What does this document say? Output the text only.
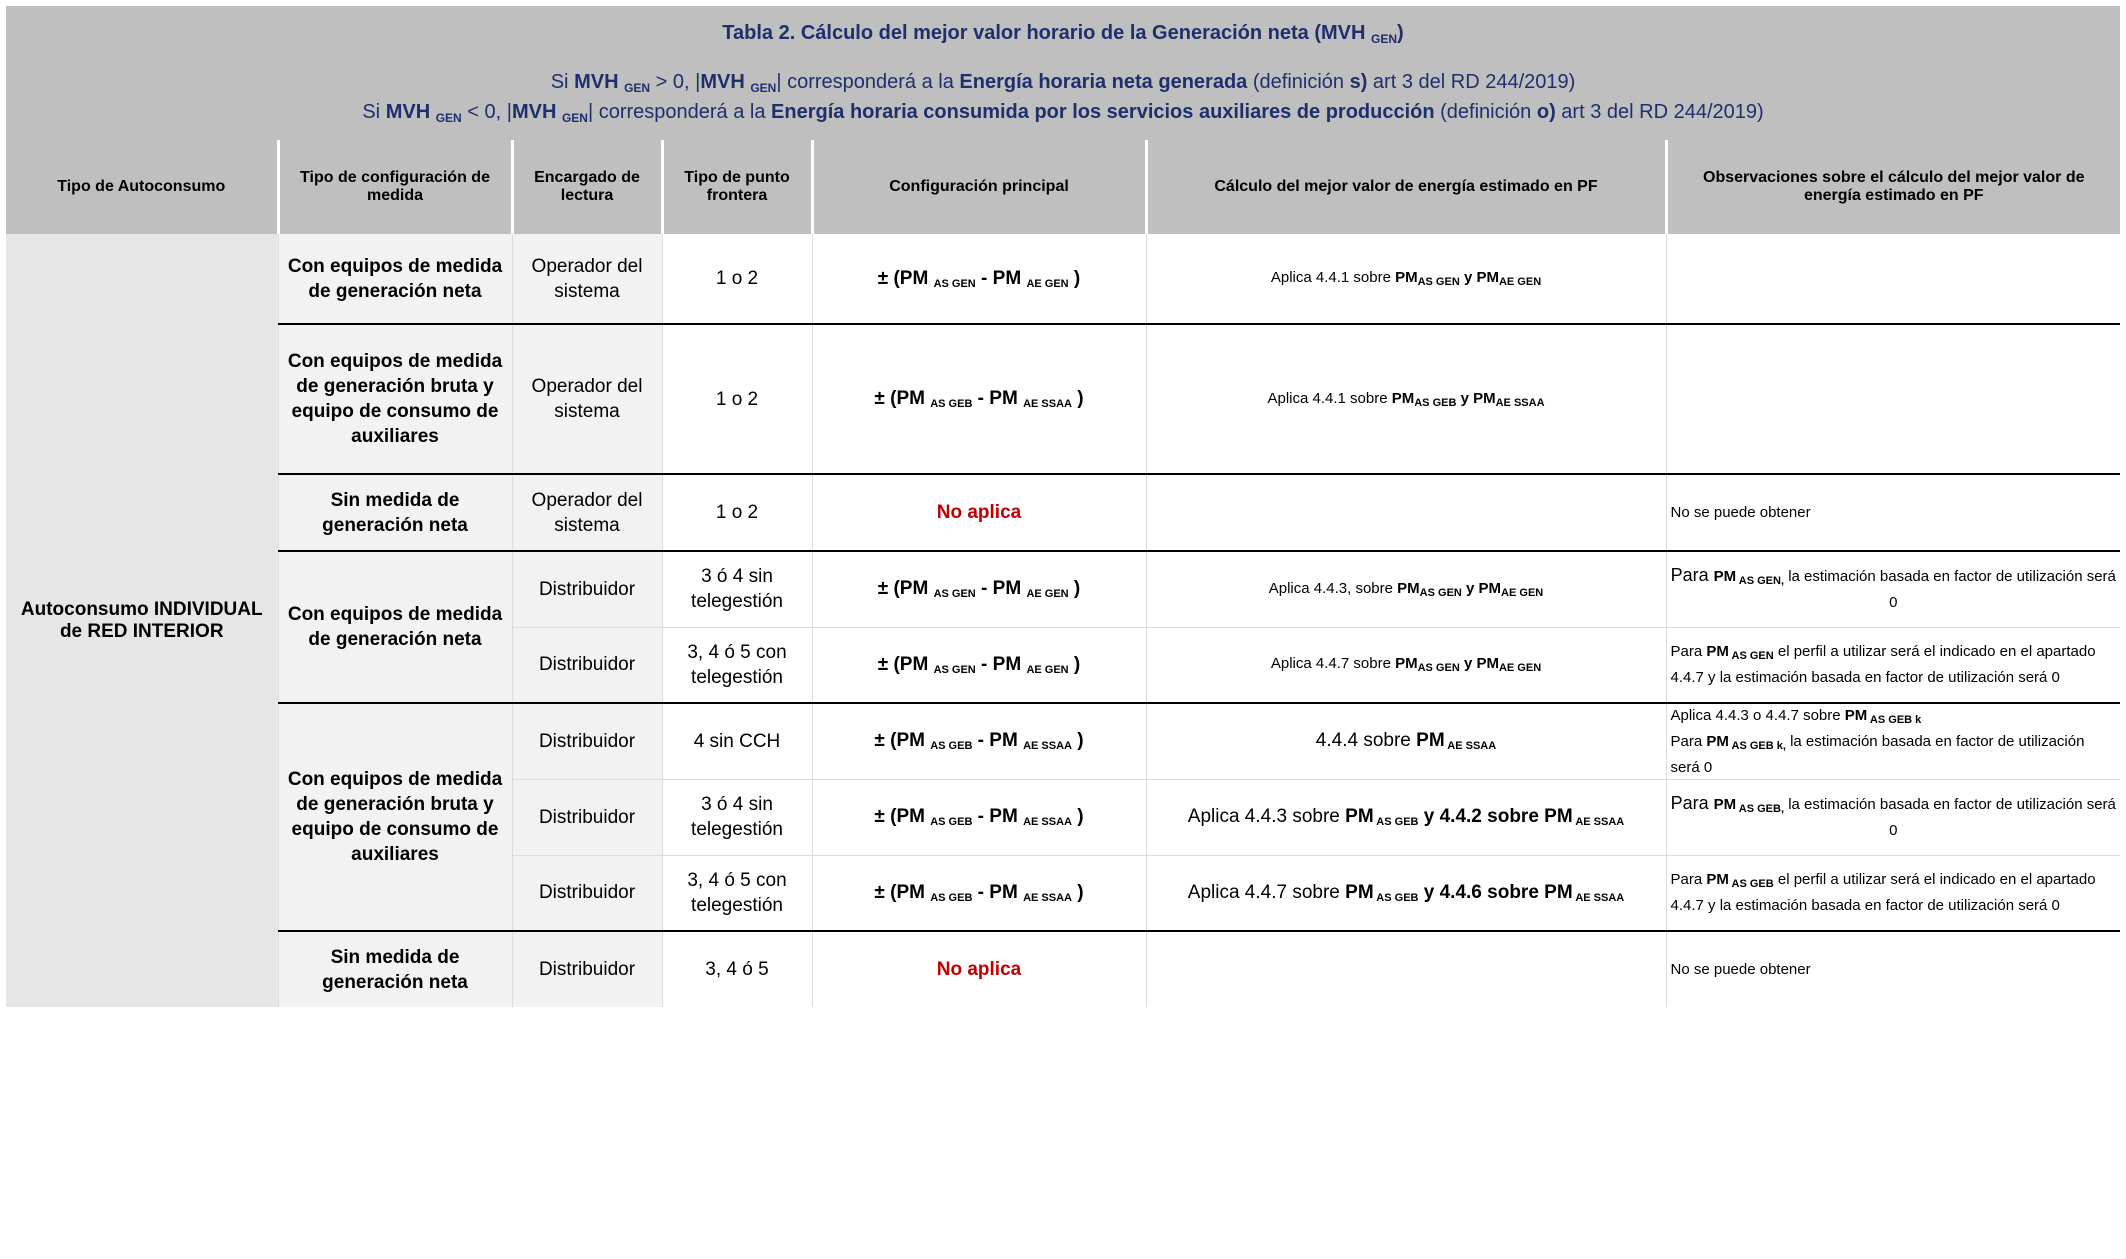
Tabla 2. Cálculo del mejor valor horario de la Generación neta (MVH $_{GEN}$)
Si MVH $_{GEN}$ > 0, |MVH $_{GEN}$| corresponderá a la Energía horaria neta generada (definición s) art 3 del RD 244/2019)
Si MVH $_{GEN}$ < 0, |MVH $_{GEN}$| corresponderá a la Energía horaria consumida por los servicios auxiliares de producción (definición o) art 3 del RD 244/2019)
Tipo de Autoconsumo	Tipo de configuración de medida	Encargado de lectura	Tipo de punto frontera	Configuración principal	Cálculo del mejor valor de energía estimado en PF	Observaciones sobre el cálculo del mejor valor de energía estimado en PF
Autoconsumo INDIVIDUAL de RED INTERIOR	Con equipos de medida de generación neta	Operador del sistema	1 o 2	± (PM $_{AS GEN}$ - PM $_{AE GEN}$ )	Aplica 4.4.1 sobre $PM_{AS GEN}$ y $PM_{AE GEN}$	
	Con equipos de medida de generación bruta y equipo de consumo de auxiliares	Operador del sistema	1 o 2	± (PM $_{AS GEB}$ - PM $_{AE SSAA}$ )	Aplica 4.4.1 sobre $PM_{AS GEB}$ y $PM_{AE SSAA}$	
	Sin medida de generación neta	Operador del sistema	1 o 2	No aplica		No se puede obtener
	Con equipos de medida de generación neta	Distribuidor	3 ó 4 sin telegestión	± (PM $_{AS GEN}$ - PM $_{AE GEN}$ )	Aplica 4.4.3, sobre $PM_{AS GEN}$ y $PM_{AE GEN}$	Para PM $_{AS GEN,}$ la estimación basada en factor de utilización será 0
		Distribuidor	3, 4 ó 5 con telegestión	± (PM $_{AS GEN}$ - PM $_{AE GEN}$ )	Aplica 4.4.7 sobre $PM_{AS GEN}$ y $PM_{AE GEN}$	Para PM $_{AS GEN}$ el perfil a utilizar será el indicado en el apartado 4.4.7 y la estimación basada en factor de utilización será 0
	Con equipos de medida de generación bruta y equipo de consumo de auxiliares	Distribuidor	4 sin CCH	± (PM $_{AS GEB}$ - PM $_{AE SSAA}$ )	4.4.4 sobre PM $_{AE SSAA}$	Aplica 4.4.3 o 4.4.7 sobre PM $_{AS GEB k}$
Para PM $_{AS GEB k,}$ la estimación basada en factor de utilización será 0
		Distribuidor	3 ó 4 sin telegestión	± (PM $_{AS GEB}$ - PM $_{AE SSAA}$ )	Aplica 4.4.3 sobre PM $_{AS GEB}$ y 4.4.2 sobre PM $_{AE SSAA}$	Para PM $_{AS GEB,}$ la estimación basada en factor de utilización será 0
		Distribuidor	3, 4 ó 5 con telegestión	± (PM $_{AS GEB}$ - PM $_{AE SSAA}$ )	Aplica 4.4.7 sobre PM $_{AS GEB}$ y 4.4.6 sobre PM $_{AE SSAA}$	Para PM $_{AS GEB}$ el perfil a utilizar será el indicado en el apartado 4.4.7 y la estimación basada en factor de utilización será 0
	Sin medida de generación neta	Distribuidor	3, 4 ó 5	No aplica		No se puede obtener
